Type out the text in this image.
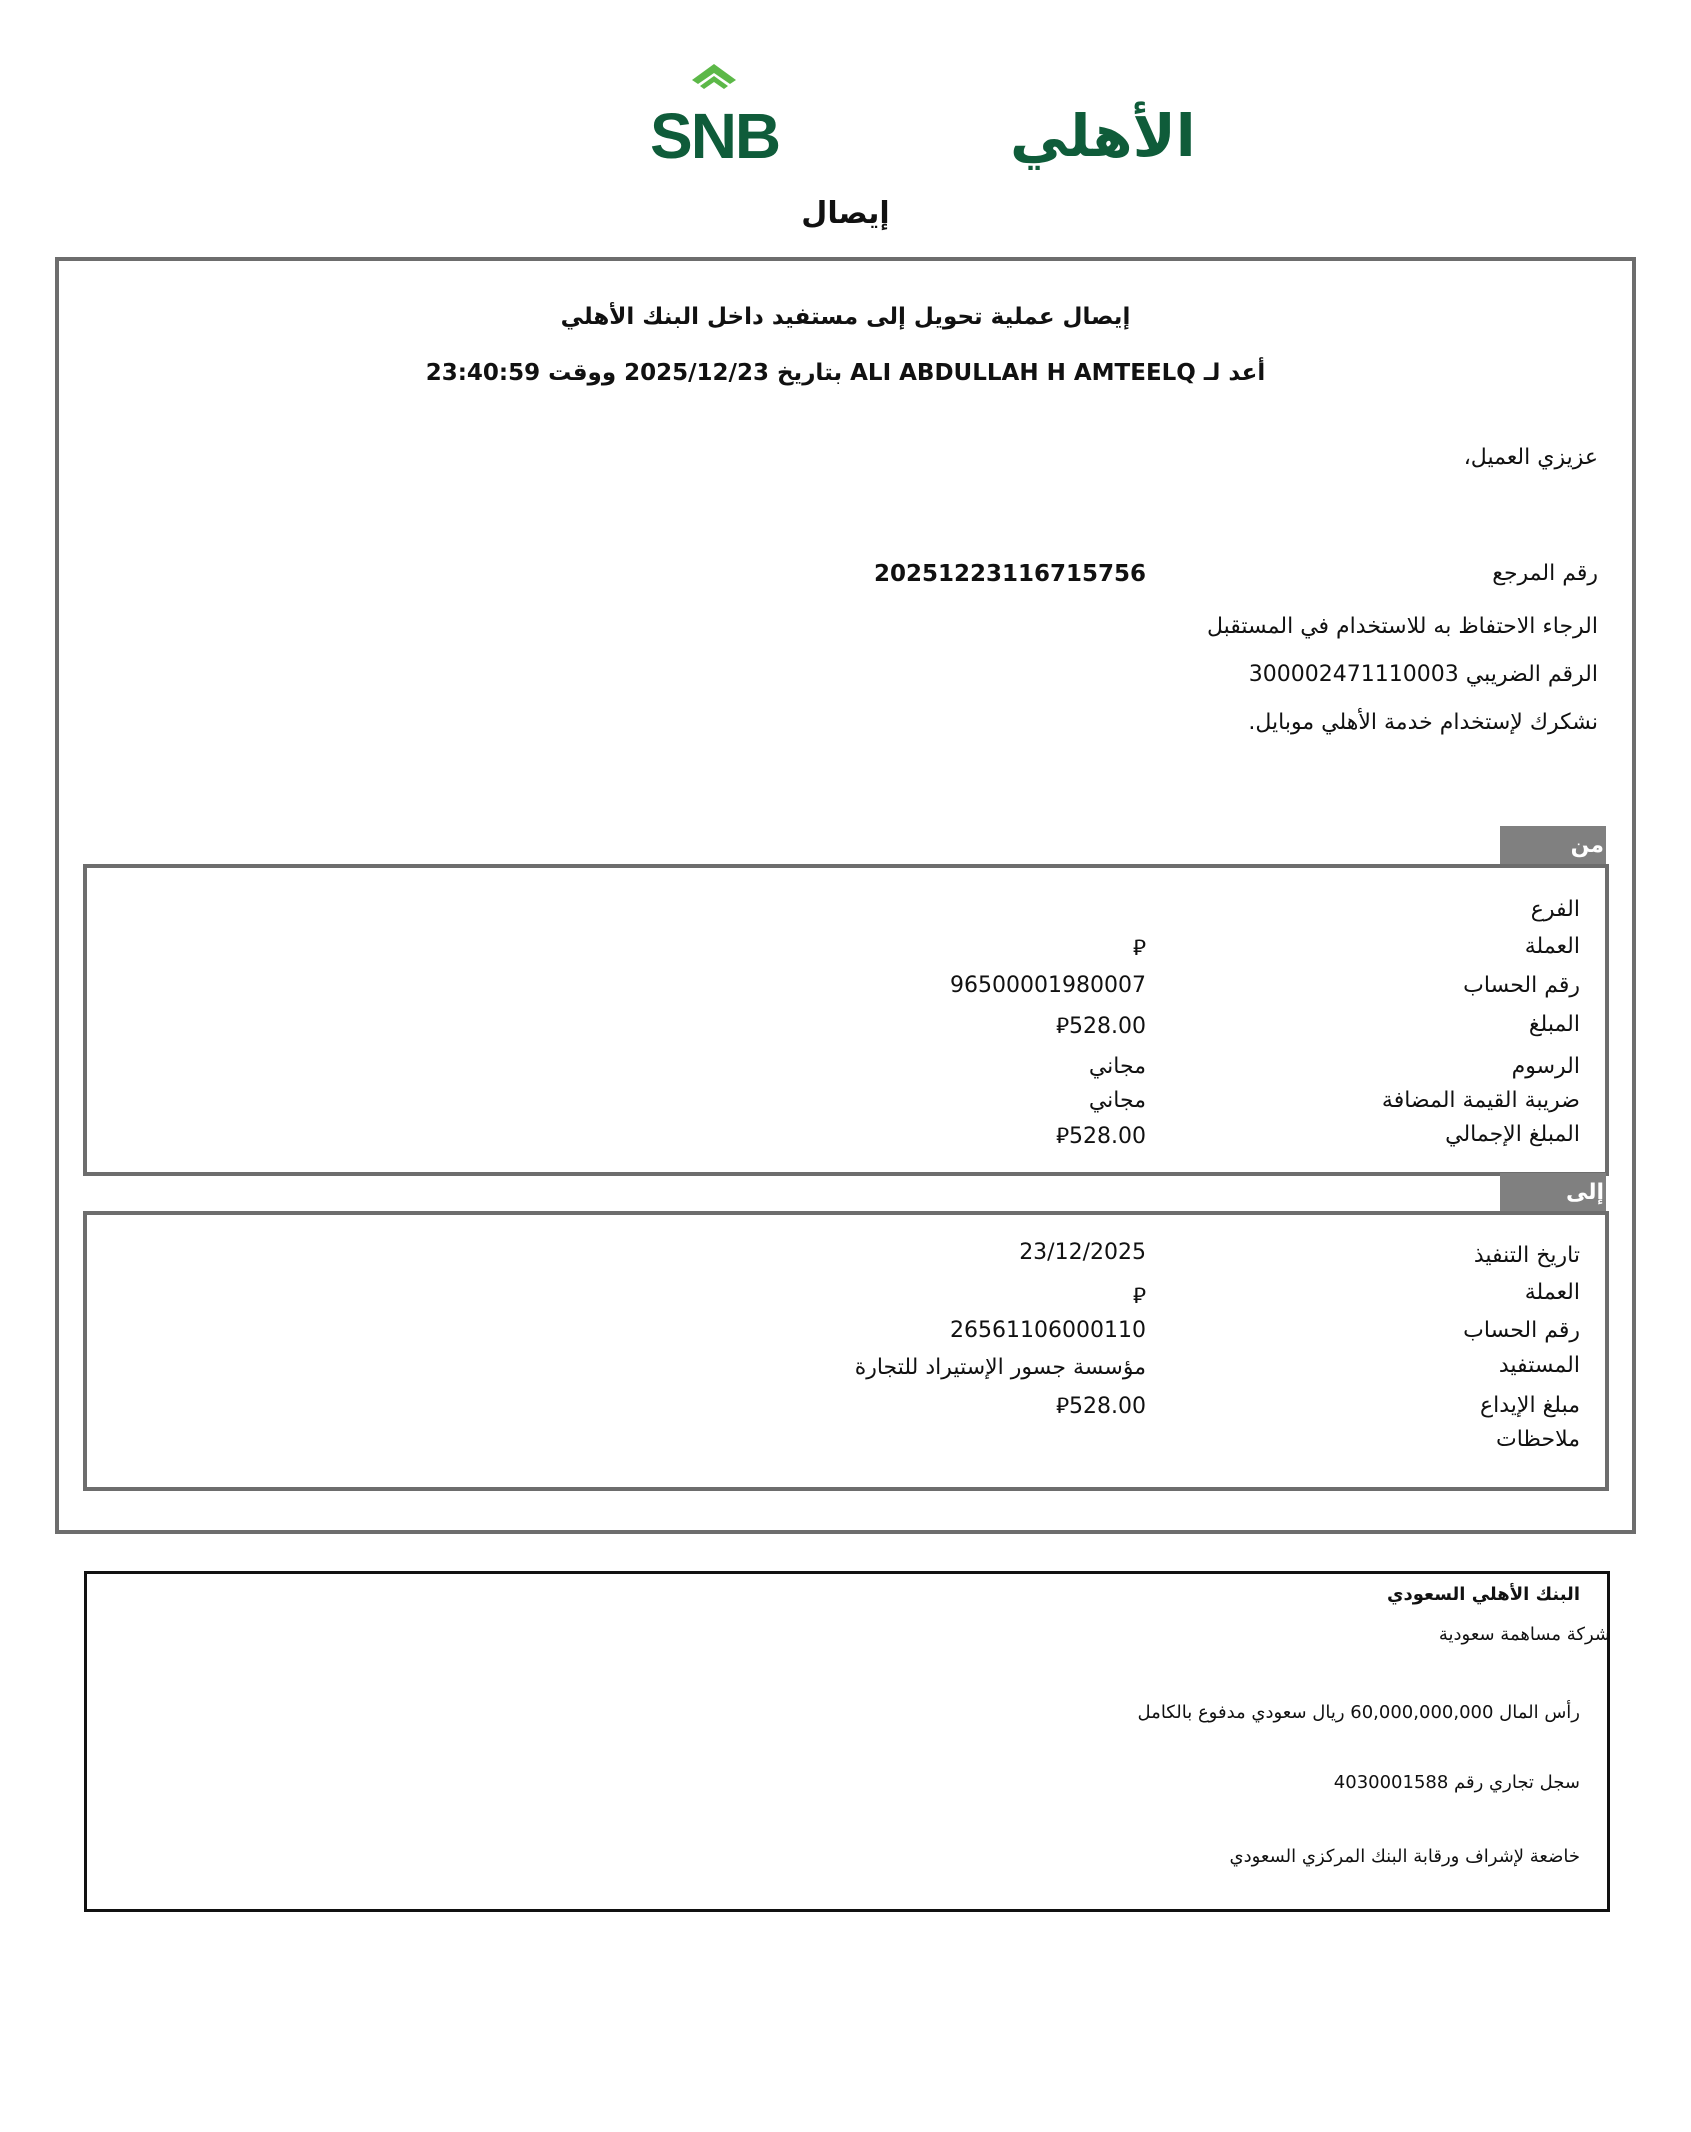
SNB	الأهلي
إيصال
إيصال عملية تحويل إلى مستفيد داخل البنك الأهلي
أعد لـ ALI ABDULLAH H AMTEELQ بتاريخ 2025/12/23 ووقت 23:40:59
عزيزي العميل،
رقم المرجع
20251223116715756
الرجاء الاحتفاظ به للاستخدام في المستقبل
الرقم الضريبي 300002471110003
نشكرك لإستخدام خدمة الأهلي موبايل.
من
الفرع
العملة
⃁
رقم الحساب
96500001980007
المبلغ
⃁528.00
الرسوم
مجاني
ضريبة القيمة المضافة
مجاني
المبلغ الإجمالي
⃁528.00
إلى
تاريخ التنفيذ
23/12/2025
العملة
⃁
رقم الحساب
26561106000110
المستفيد
مؤسسة جسور الإستيراد للتجارة
مبلغ الإيداع
⃁528.00
ملاحظات
البنك الأهلي السعودي
شركة مساهمة سعودية
رأس المال 60,000,000,000 ريال سعودي مدفوع بالكامل
سجل تجاري رقم 4030001588
خاضعة لإشراف ورقابة البنك المركزي السعودي
